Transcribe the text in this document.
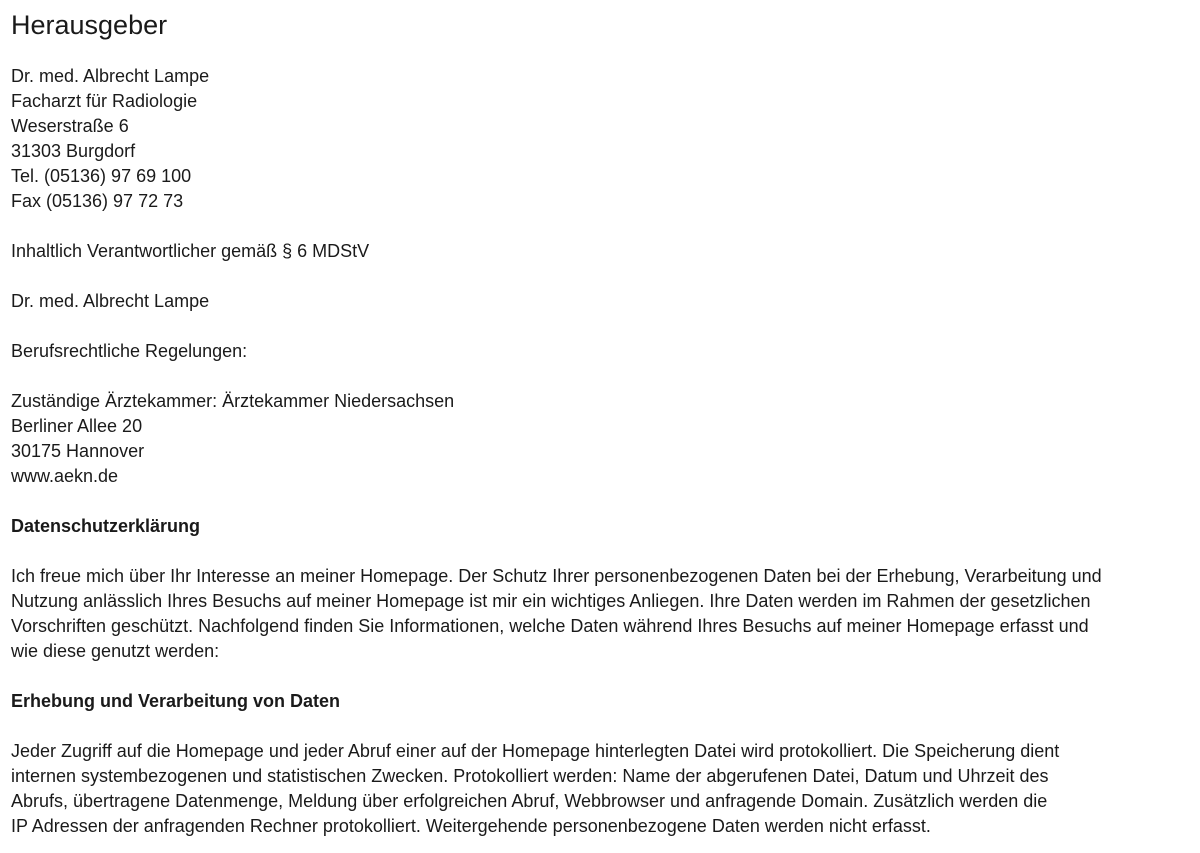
Herausgeber
Dr. med. Albrecht Lampe
Facharzt für Radiologie
Weserstraße 6
31303 Burgdorf
Tel. (05136) 97 69 100
Fax (05136) 97 72 73

Inhaltlich Verantwortlicher gemäß § 6 MDStV

Dr. med. Albrecht Lampe

Berufsrechtliche Regelungen:

Zuständige Ärztekammer: Ärztekammer Niedersachsen
Berliner Allee 20
30175 Hannover
www.aekn.de
Datenschutzerklärung
Ich freue mich über Ihr Interesse an meiner Homepage. Der Schutz Ihrer personenbezogenen Daten bei der Erhebung, Verarbeitung und
Nutzung anlässlich Ihres Besuchs auf meiner Homepage ist mir ein wichtiges Anliegen. Ihre Daten werden im Rahmen der gesetzlichen
Vorschriften geschützt. Nachfolgend finden Sie Informationen, welche Daten während Ihres Besuchs auf meiner Homepage erfasst und
wie diese genutzt werden:
Erhebung und Verarbeitung von Daten
Jeder Zugriff auf die Homepage und jeder Abruf einer auf der Homepage hinterlegten Datei wird protokolliert. Die Speicherung dient
internen systembezogenen und statistischen Zwecken. Protokolliert werden: Name der abgerufenen Datei, Datum und Uhrzeit des
Abrufs, übertragene Datenmenge, Meldung über erfolgreichen Abruf, Webbrowser und anfragende Domain. Zusätzlich werden die
IP Adressen der anfragenden Rechner protokolliert. Weitergehende personenbezogene Daten werden nicht erfasst.
